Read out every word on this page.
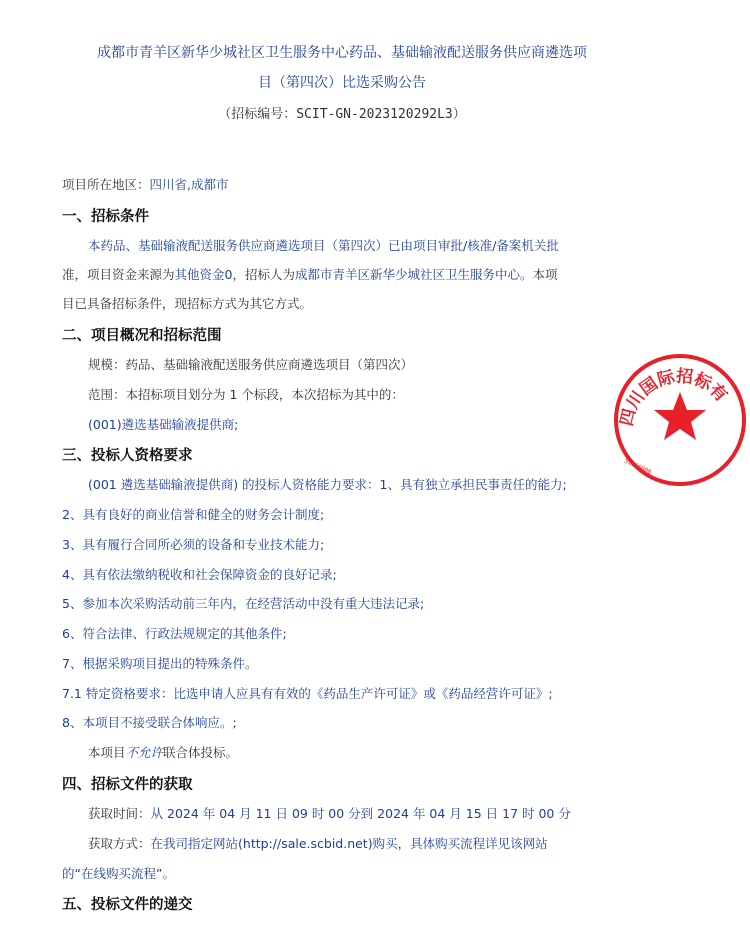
成都市青羊区新华少城社区卫生服务中心药品、基础输液配送服务供应商遴选项
目（第四次）比选采购公告
（招标编号：SCIT-GN-2023120292L3）
项目所在地区：四川省,成都市
一、招标条件
本药品、基础输液配送服务供应商遴选项目（第四次）已由项目审批/核准/备案机关批
准，项目资金来源为其他资金0，招标人为成都市青羊区新华少城社区卫生服务中心。本项
目已具备招标条件，现招标方式为其它方式。
二、项目概况和招标范围
规模：药品、基础输液配送服务供应商遴选项目（第四次）
范围：本招标项目划分为 1 个标段，本次招标为其中的：
(001)遴选基础输液提供商;
三、投标人资格要求
(001 遴选基础输液提供商) 的投标人资格能力要求：1、具有独立承担民事责任的能力;
2、具有良好的商业信誉和健全的财务会计制度;
3、具有履行合同所必须的设备和专业技术能力;
4、具有依法缴纳税收和社会保障资金的良好记录;
5、参加本次采购活动前三年内，在经营活动中没有重大违法记录;
6、符合法律、行政法规规定的其他条件;
7、根据采购项目提出的特殊条件。
7.1 特定资格要求：比选申请人应具有有效的《药品生产许可证》或《药品经营许可证》;
8、本项目不接受联合体响应。;
本项目不允许联合体投标。
四、招标文件的获取
获取时间：从 2024 年 04 月 11 日 09 时 00 分到 2024 年 04 月 15 日 17 时 00 分
获取方式：在我司指定网站(http://sale.scbid.net)购买，具体购买流程详见该网站
的“在线购买流程”。
五、投标文件的递交
四川国际招标有
51010000
